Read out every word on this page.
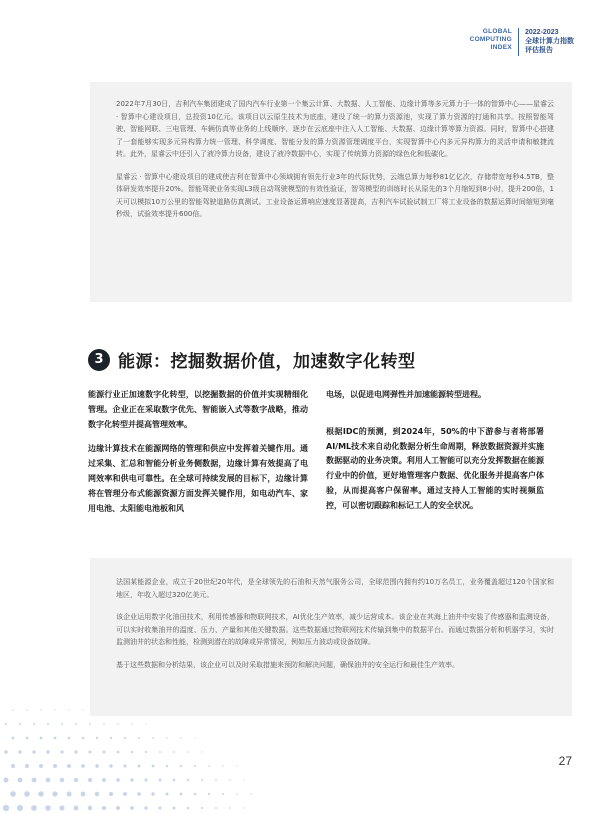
GLOBAL
COMPUTING
INDEX
2022-2023
全球计算力指数
评估报告

2022年7月30日，吉利汽车集团建成了国内汽车行业第一个集云计算、大数据、人工智能、边缘计算等多元算力于一体的智算中心——星睿云 · 智算中心建设项目，总投资10亿元。该项目以云原生技术为底座，建设了统一的算力资源池，实现了算力资源的打通和共享。按照智能驾驶、智能网联、三电管理、车辆仿真等业务的上线顺序，逐步在云底座中注入人工智能、大数据、边缘计算等算力资源。同时，智算中心搭建了一套能够实现多元异构算力统一管理、科学调度、智能分发的算力资源管理调度平台，实现智算中心内多元异构算力的灵活申请和敏捷流转。此外，星睿云中还引入了液冷算力设备，建设了液冷数据中心，实现了传统算力资源的绿色化和低碳化。

星睿云 · 智算中心建设项目的建成使吉利在智算中心领域拥有领先行业3年的代际优势，云端总算力每秒81亿亿次，存储带宽每秒4.5TB，整体研发效率提升20%。智能驾驶业务实现L3级自动驾驶模型的有效性验证，智驾模型的训练时长从原先的3个月缩短到8小时，提升200倍，1天可以模拟10万公里的智能驾驶道路仿真测试。工业设备运算响应速度显著提高，吉利汽车试验试制工厂将工业设备的数据运算时间缩短到毫秒级，试验效率提升600倍。

3 能源：挖掘数据价值，加速数字化转型

能源行业正加速数字化转型，以挖掘数据的价值并实现精细化管理。企业正在采取数字优先、智能嵌入式等数字战略，推动数字化转型并提高管理效率。

边缘计算技术在能源网络的管理和供应中发挥着关键作用。通过采集、汇总和智能分析业务侧数据，边缘计算有效提高了电网效率和供电可靠性。在全球可持续发展的目标下，边缘计算将在管理分布式能源资源方面发挥关键作用，如电动汽车、家用电池、太阳能电池板和风

电场，以促进电网弹性并加速能源转型进程。

根据IDC的预测，到2024年，50%的中下游参与者将部署AI/ML技术来自动化数据分析生命周期，释放数据资源并实施数据驱动的业务决策。利用人工智能可以充分发挥数据在能源行业中的价值，更好地管理客户数据、优化服务并提高客户体验，从而提高客户保留率。通过支持人工智能的实时视频监控，可以密切跟踪和标记工人的安全状况。

法国某能源企业，成立于20世纪20年代，是全球领先的石油和天然气服务公司，全球范围内拥有约10万名员工，业务覆盖超过120个国家和地区，年收入超过320亿美元。

该企业运用数字化油田技术，利用传感器和物联网技术，AI优化生产效率，减少运营成本。该企业在其海上油井中安装了传感器和监测设备，可以实时收集油井的温度、压力、产量和其他关键数据。这些数据通过物联网技术传输到集中的数据平台。而通过数据分析和机器学习，实时监测油井的状态和性能，检测到潜在的故障或异常情况，例如压力波动或设备故障。

基于这些数据和分析结果，该企业可以及时采取措施来预防和解决问题，确保油井的安全运行和最佳生产效率。

27
